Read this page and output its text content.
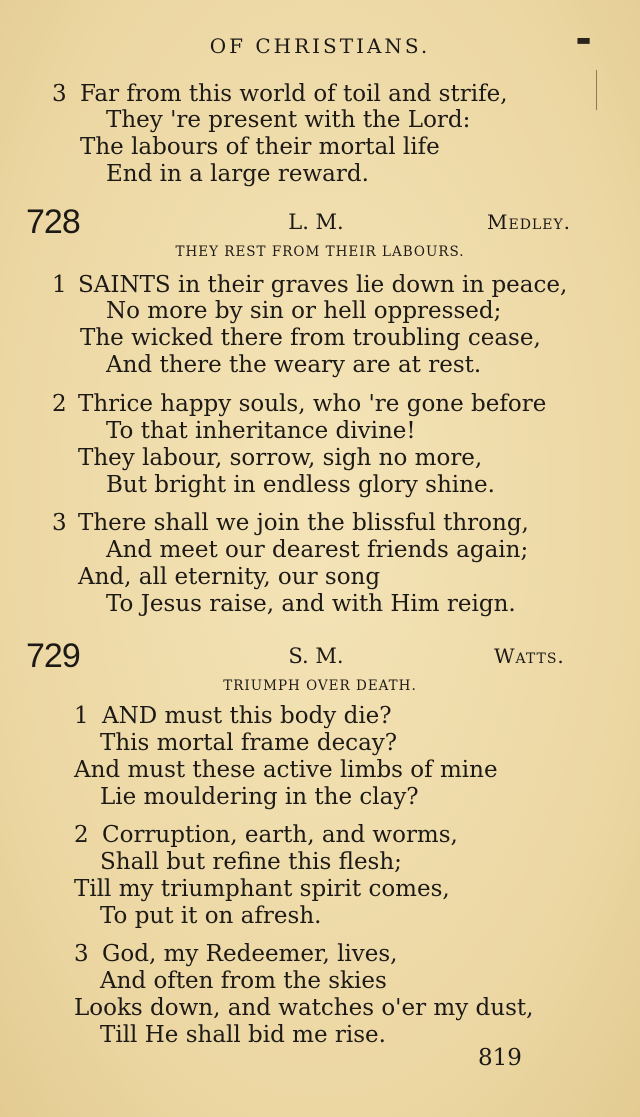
OF CHRISTIANS.	▬
3 Far from this world of toil and strife,
They 're present with the Lord:
The labours of their mortal life
End in a large reward.
728	L. M.	Medley.
THEY REST FROM THEIR LABOURS.
1 SAINTS in their graves lie down in peace,
No more by sin or hell oppressed;
The wicked there from troubling cease,
And there the weary are at rest.
2 Thrice happy souls, who 're gone before
To that inheritance divine!
They labour, sorrow, sigh no more,
But bright in endless glory shine.
3 There shall we join the blissful throng,
And meet our dearest friends again;
And, all eternity, our song
To Jesus raise, and with Him reign.
729	S. M.	Watts.
TRIUMPH OVER DEATH.
1 AND must this body die?
This mortal frame decay?
And must these active limbs of mine
Lie mouldering in the clay?
2 Corruption, earth, and worms,
Shall but refine this flesh;
Till my triumphant spirit comes,
To put it on afresh.
3 God, my Redeemer, lives,
And often from the skies
Looks down, and watches o'er my dust,
Till He shall bid me rise.
819
